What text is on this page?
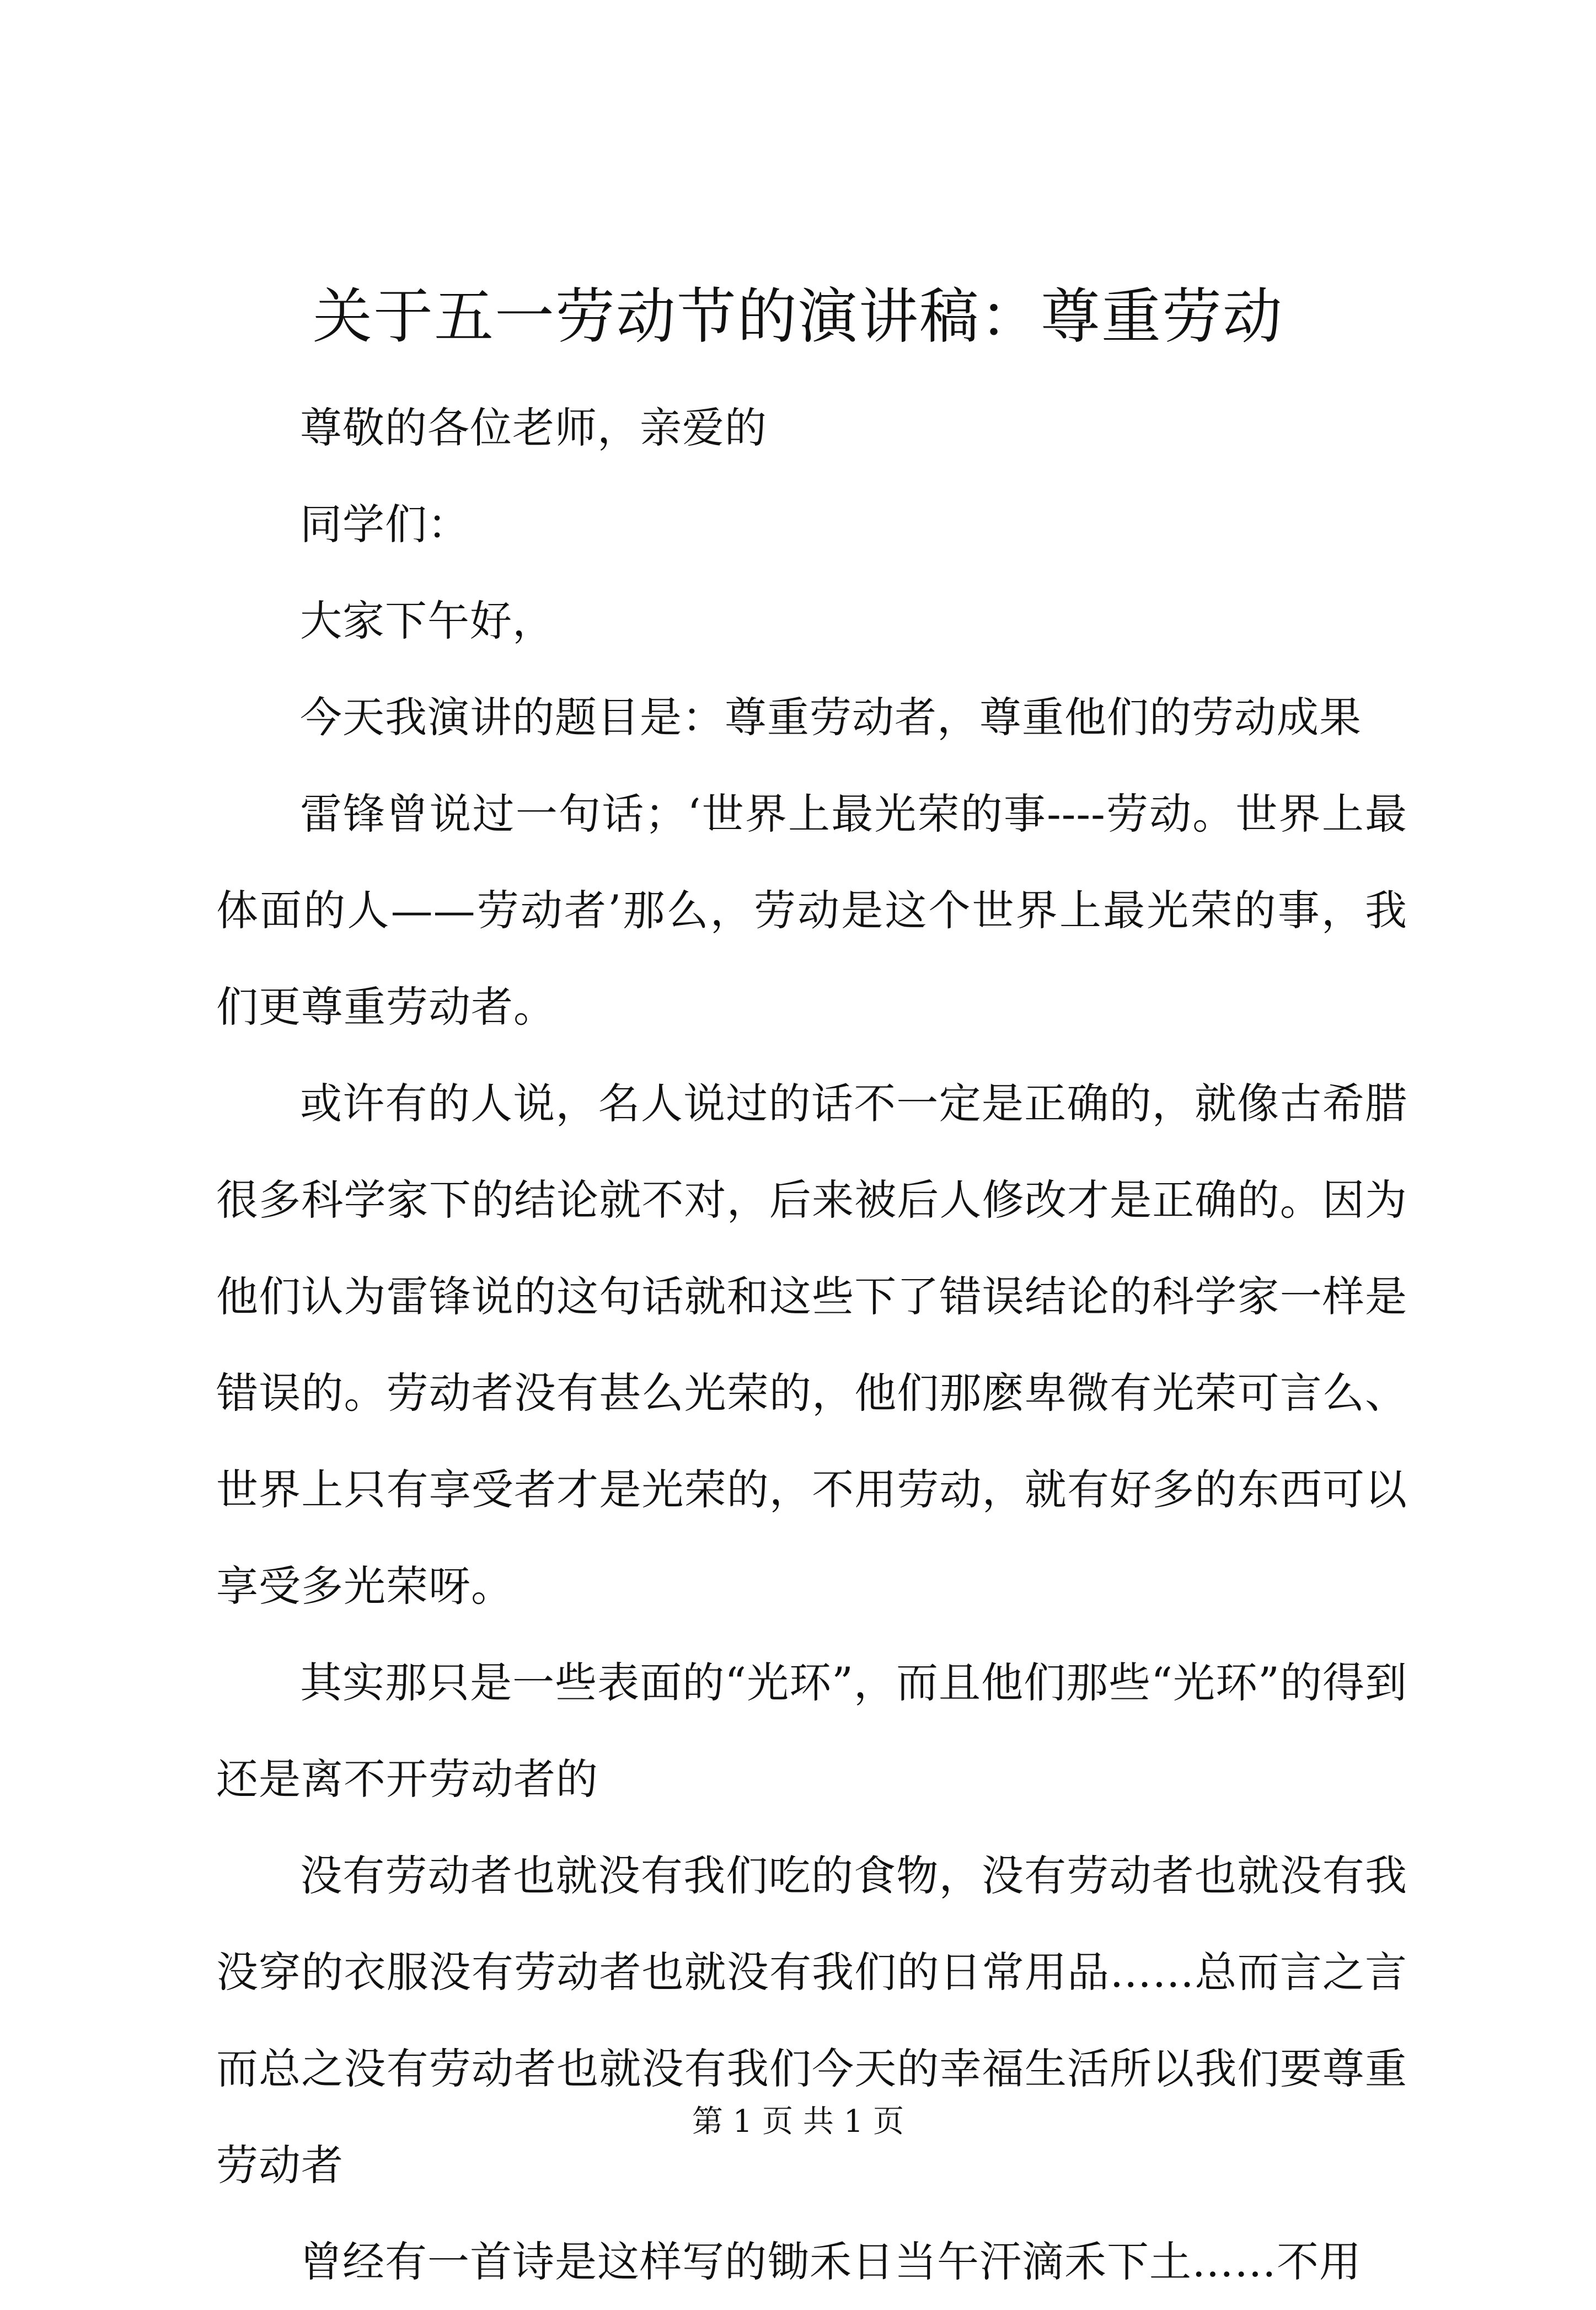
关于五一劳动节的演讲稿：尊重劳动

尊敬的各位老师，亲爱的

同学们：

大家下午好，

今天我演讲的题目是：尊重劳动者，尊重他们的劳动成果

雷锋曾说过一句话；‘世界上最光荣的事----劳动。世界上最体面的人——劳动者’那么，劳动是这个世界上最光荣的事，我们更尊重劳动者。

或许有的人说，名人说过的话不一定是正确的，就像古希腊很多科学家下的结论就不对，后来被后人修改才是正确的。因为他们认为雷锋说的这句话就和这些下了错误结论的科学家一样是错误的。劳动者没有甚么光荣的，他们那麽卑微有光荣可言么、世界上只有享受者才是光荣的，不用劳动，就有好多的东西可以享受多光荣呀。

其实那只是一些表面的“光环”，而且他们那些“光环”的得到还是离不开劳动者的

没有劳动者也就没有我们吃的食物，没有劳动者也就没有我没穿的衣服没有劳动者也就没有我们的日常用品……总而言之言而总之没有劳动者也就没有我们今天的幸福生活所以我们要尊重劳动者

曾经有一首诗是这样写的锄禾日当午汗滴禾下土……不用

第 1 页 共 1 页
